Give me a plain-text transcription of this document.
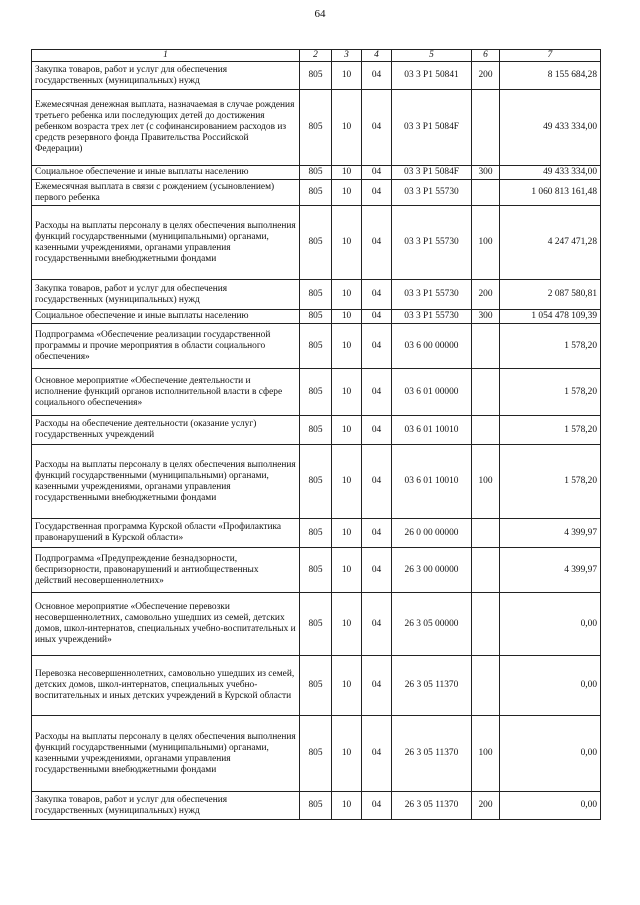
64
1	2	3	4	5	6	7
Закупка товаров, работ и услуг для обеспечения государственных (муниципальных) нужд	805	10	04	03 3 P1 50841	200	8 155 684,28
Ежемесячная денежная выплата, назначаемая в случае рождения третьего ребенка или последующих детей до достижения ребенком возраста трех лет (с софинансированием расходов из средств резервного фонда Правительства Российской Федерации)	805	10	04	03 3 P1 5084F		49 433 334,00
Социальное обеспечение и иные выплаты населению	805	10	04	03 3 P1 5084F	300	49 433 334,00
Ежемесячная выплата в связи с рождением (усыновлением) первого ребенка	805	10	04	03 3 P1 55730		1 060 813 161,48
Расходы на выплаты персоналу в целях обеспечения выполнения функций государственными (муниципальными) органами, казенными учреждениями, органами управления государственными внебюджетными фондами	805	10	04	03 3 P1 55730	100	4 247 471,28
Закупка товаров, работ и услуг для обеспечения государственных (муниципальных) нужд	805	10	04	03 3 P1 55730	200	2 087 580,81
Социальное обеспечение и иные выплаты населению	805	10	04	03 3 P1 55730	300	1 054 478 109,39
Подпрограмма «Обеспечение реализации государственной программы и прочие мероприятия в области социального обеспечения»	805	10	04	03 6 00 00000		1 578,20
Основное мероприятие «Обеспечение деятельности и исполнение функций органов исполнительной власти в сфере социального обеспечения»	805	10	04	03 6 01 00000		1 578,20
Расходы на обеспечение деятельности (оказание услуг) государственных учреждений	805	10	04	03 6 01 10010		1 578,20
Расходы на выплаты персоналу в целях обеспечения выполнения функций государственными (муниципальными) органами, казенными учреждениями, органами управления государственными внебюджетными фондами	805	10	04	03 6 01 10010	100	1 578,20
Государственная программа Курской области «Профилактика правонарушений в Курской области»	805	10	04	26 0 00 00000		4 399,97
Подпрограмма «Предупреждение безнадзорности, беспризорности, правонарушений и антиобщественных действий несовершеннолетних»	805	10	04	26 3 00 00000		4 399,97
Основное мероприятие «Обеспечение перевозки несовершеннолетних, самовольно ушедших из семей, детских домов, школ-интернатов, специальных учебно-воспитательных и иных учреждений»	805	10	04	26 3 05 00000		0,00
Перевозка несовершеннолетних, самовольно ушедших из семей, детских домов, школ-интернатов, специальных учебно-воспитательных и иных детских учреждений в Курской области	805	10	04	26 3 05 11370		0,00
Расходы на выплаты персоналу в целях обеспечения выполнения функций государственными (муниципальными) органами, казенными учреждениями, органами управления государственными внебюджетными фондами	805	10	04	26 3 05 11370	100	0,00
Закупка товаров, работ и услуг для обеспечения государственных (муниципальных) нужд	805	10	04	26 3 05 11370	200	0,00
